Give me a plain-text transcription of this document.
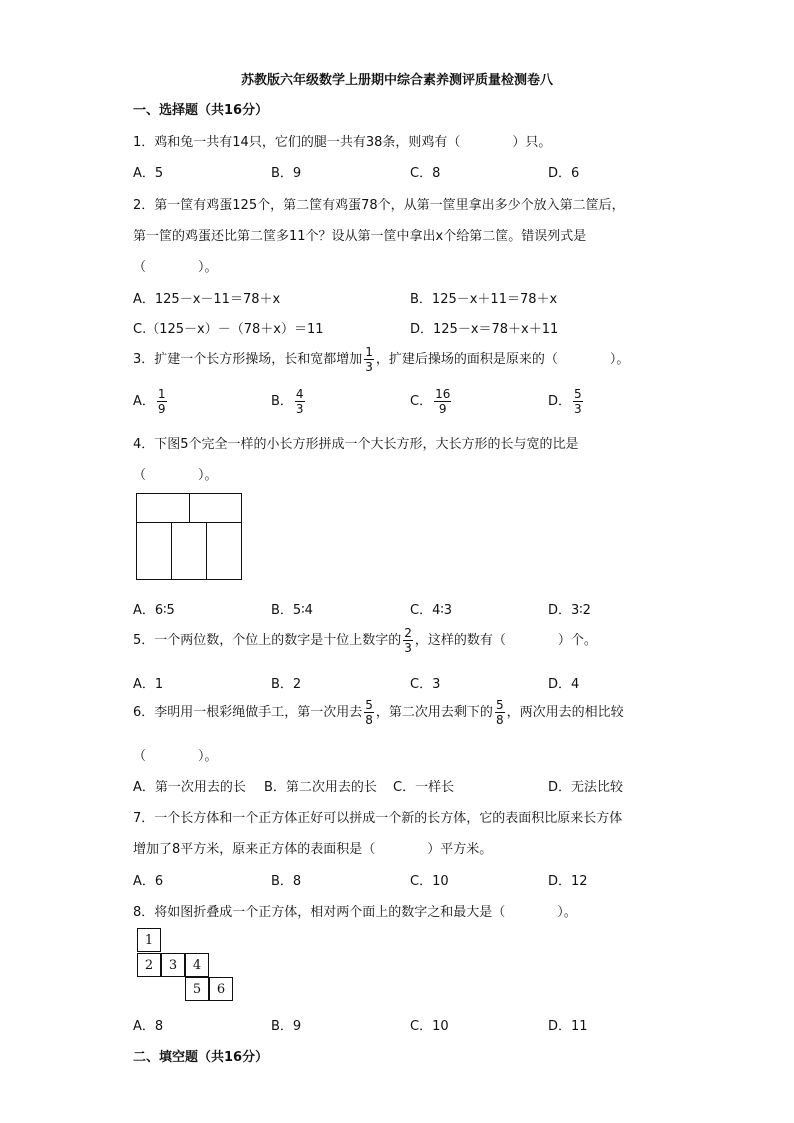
苏教版六年级数学上册期中综合素养测评质量检测卷八
一、选择题（共16分）
1．鸡和兔一共有14只，它们的腿一共有38条，则鸡有（　　　　）只。
A．5	B．9	C．8	D．6
2．第一筐有鸡蛋125个，第二筐有鸡蛋78个，从第一筐里拿出多少个放入第二筐后，
第一筐的鸡蛋还比第二筐多11个？设从第一筐中拿出x个给第二筐。错误列式是
（　　　　）。
A．125－x－11＝78＋x	B．125－x＋11＝78＋x
C.（125－x）－（78＋x）＝11	D．125－x＝78＋x＋11
3．扩建一个长方形操场，长和宽都增加 $\frac{1}{3}$ ，扩建后操场的面积是原来的（　　　　）。
A． $\frac{1}{9}$	B． $\frac{4}{3}$	C． $\frac{16}{9}$	D． $\frac{5}{3}$
4．下图5个完全一样的小长方形拼成一个大长方形，大长方形的长与宽的比是
（　　　　）。
A．6∶5	B．5∶4	C．4∶3	D．3∶2
5．一个两位数，个位上的数字是十位上数字的 $\frac{2}{3}$ ，这样的数有（　　　　）个。
A．1	B．2	C．3	D．4
6．李明用一根彩绳做手工，第一次用去 $\frac{5}{8}$ ，第二次用去剩下的 $\frac{5}{8}$ ，两次用去的相比较
（　　　　）。
A．第一次用去的长 B．第二次用去的长 C．一样长	D．无法比较
7．一个长方体和一个正方体正好可以拼成一个新的长方体，它的表面积比原来长方体
增加了8平方米，原来正方体的表面积是（　　　　）平方米。
A．6	B．8	C．10	D．12
8．将如图折叠成一个正方体，相对两个面上的数字之和最大是（　　　　）。
1
2	3	4
5	6
A．8	B．9	C．10	D．11
二、填空题（共16分）
